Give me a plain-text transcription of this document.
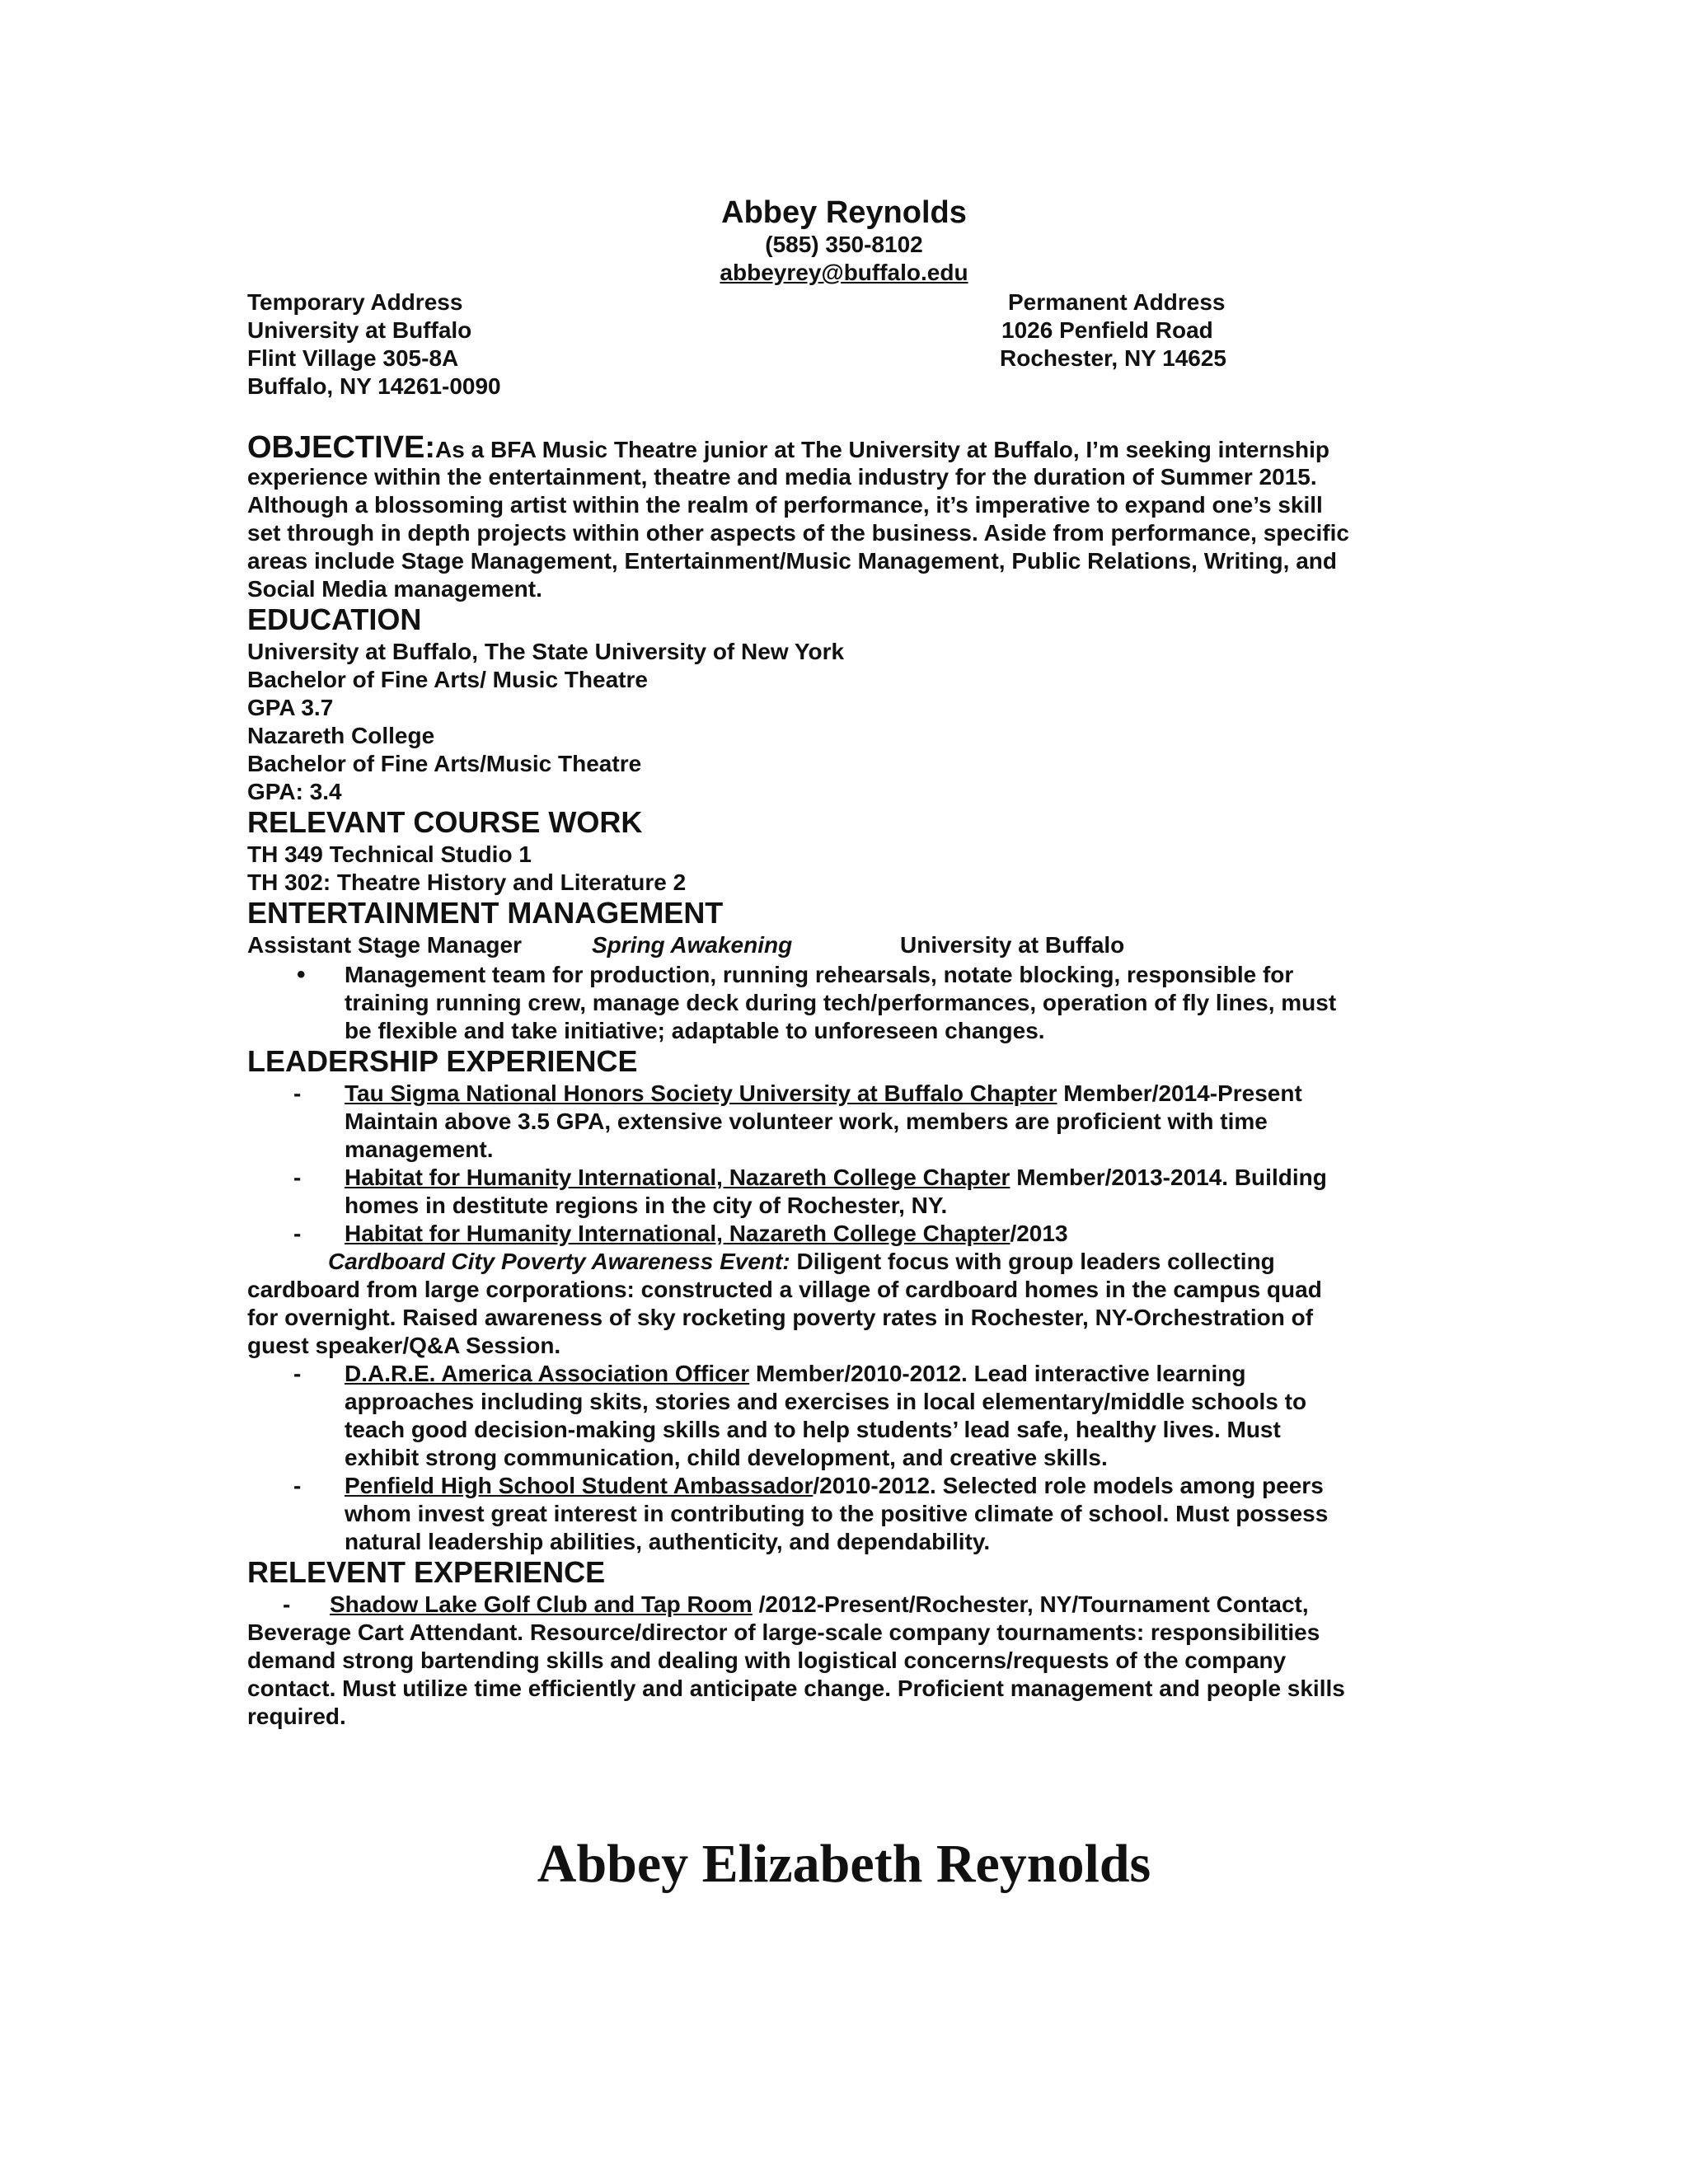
Abbey Reynolds
(585) 350-8102
abbeyrey@buffalo.edu
Temporary Address
University at Buffalo
Flint Village 305-8A
Buffalo, NY 14261-0090
Permanent Address
1026 Penfield Road
Rochester, NY 14625
OBJECTIVE:As a BFA Music Theatre junior at The University at Buffalo, I’m seeking internship
experience within the entertainment, theatre and media industry for the duration of Summer 2015.
Although a blossoming artist within the realm of performance, it’s imperative to expand one’s skill
set through in depth projects within other aspects of the business. Aside from performance, specific
areas include Stage Management, Entertainment/Music Management, Public Relations, Writing, and
Social Media management.
EDUCATION
University at Buffalo, The State University of New York
Bachelor of Fine Arts/ Music Theatre
GPA 3.7
Nazareth College
Bachelor of Fine Arts/Music Theatre
GPA: 3.4
RELEVANT COURSE WORK
TH 349 Technical Studio 1
TH 302: Theatre History and Literature 2
ENTERTAINMENT MANAGEMENT
Assistant Stage Manager	Spring Awakening	University at Buffalo
• Management team for production, running rehearsals, notate blocking, responsible for
training running crew, manage deck during tech/performances, operation of fly lines, must
be flexible and take initiative; adaptable to unforeseen changes.
LEADERSHIP EXPERIENCE
- Tau Sigma National Honors Society University at Buffalo Chapter Member/2014-Present
Maintain above 3.5 GPA, extensive volunteer work, members are proficient with time
management.
- Habitat for Humanity International, Nazareth College Chapter Member/2013-2014. Building
homes in destitute regions in the city of Rochester, NY.
- Habitat for Humanity International, Nazareth College Chapter/2013
Cardboard City Poverty Awareness Event: Diligent focus with group leaders collecting
cardboard from large corporations: constructed a village of cardboard homes in the campus quad
for overnight. Raised awareness of sky rocketing poverty rates in Rochester, NY-Orchestration of
guest speaker/Q&A Session.
- D.A.R.E. America Association Officer Member/2010-2012. Lead interactive learning
approaches including skits, stories and exercises in local elementary/middle schools to
teach good decision-making skills and to help students’ lead safe, healthy lives. Must
exhibit strong communication, child development, and creative skills.
- Penfield High School Student Ambassador/2010-2012. Selected role models among peers
whom invest great interest in contributing to the positive climate of school. Must possess
natural leadership abilities, authenticity, and dependability.
RELEVENT EXPERIENCE
- Shadow Lake Golf Club and Tap Room /2012-Present/Rochester, NY/Tournament Contact,
Beverage Cart Attendant. Resource/director of large-scale company tournaments: responsibilities
demand strong bartending skills and dealing with logistical concerns/requests of the company
contact. Must utilize time efficiently and anticipate change. Proficient management and people skills
required.
Abbey Elizabeth Reynolds
